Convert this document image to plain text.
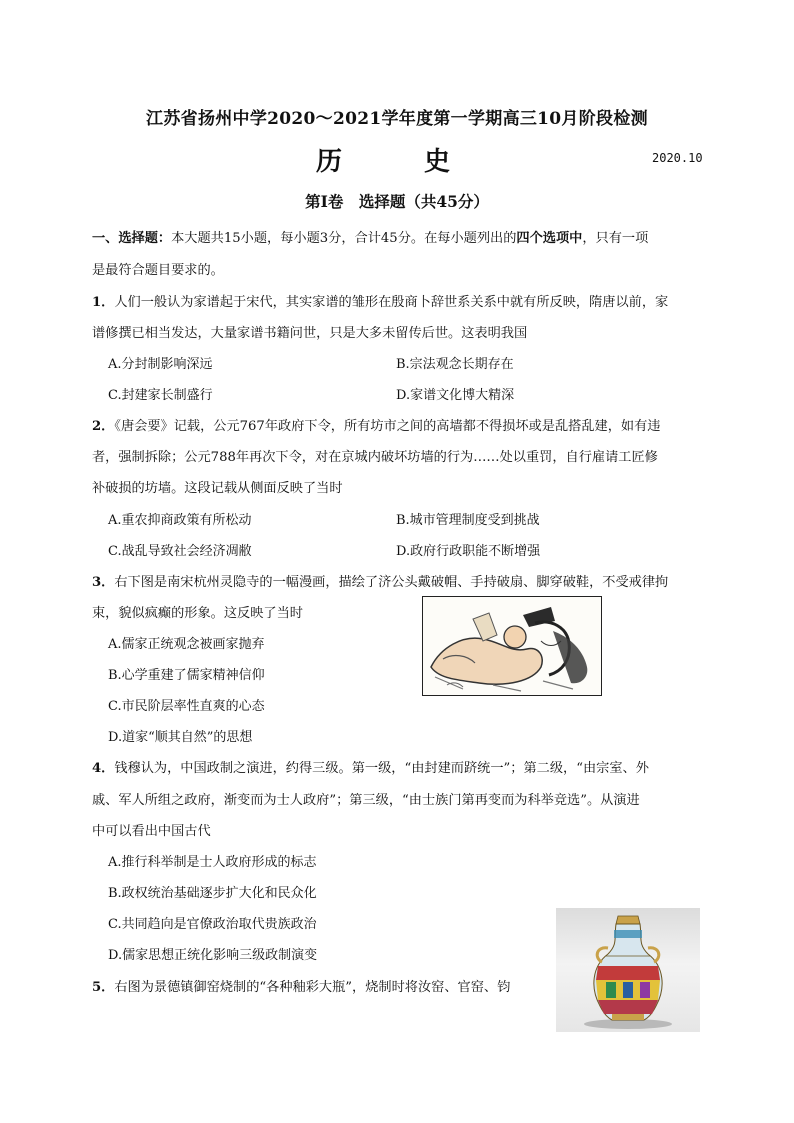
江苏省扬州中学2020～2021学年度第一学期高三10月阶段检测
历　史	2020.10
第Ⅰ卷　选择题（共45分）
一、选择题：本大题共15小题，每小题3分，合计45分。在每小题列出的四个选项中，只有一项
是最符合题目要求的。
1．人们一般认为家谱起于宋代，其实家谱的雏形在殷商卜辞世系关系中就有所反映，隋唐以前，家
谱修撰已相当发达，大量家谱书籍问世，只是大多未留传后世。这表明我国
A.分封制影响深远	B.宗法观念长期存在
C.封建家长制盛行	D.家谱文化博大精深
2．《唐会要》记载，公元767年政府下令，所有坊市之间的高墙都不得损坏或是乱搭乱建，如有违
者，强制拆除；公元788年再次下令，对在京城内破坏坊墙的行为……处以重罚，自行雇请工匠修
补破损的坊墙。这段记载从侧面反映了当时
A.重农抑商政策有所松动	B.城市管理制度受到挑战
C.战乱导致社会经济凋敝	D.政府行政职能不断增强
3．右下图是南宋杭州灵隐寺的一幅漫画，描绘了济公头戴破帽、手持破扇、脚穿破鞋，不受戒律拘
束，貌似疯癫的形象。这反映了当时
A.儒家正统观念被画家抛弃
B.心学重建了儒家精神信仰
C.市民阶层率性直爽的心态
D.道家“顺其自然”的思想
4．钱穆认为，中国政制之演进，约得三级。第一级，“由封建而跻统一”；第二级，“由宗室、外
戚、军人所组之政府，渐变而为士人政府”；第三级，“由士族门第再变而为科举竞选”。从演进
中可以看出中国古代
A.推行科举制是士人政府形成的标志
B.政权统治基础逐步扩大化和民众化
C.共同趋向是官僚政治取代贵族政治
D.儒家思想正统化影响三级政制演变
5．右图为景德镇御窑烧制的“各种釉彩大瓶”，烧制时将汝窑、官窑、钧
